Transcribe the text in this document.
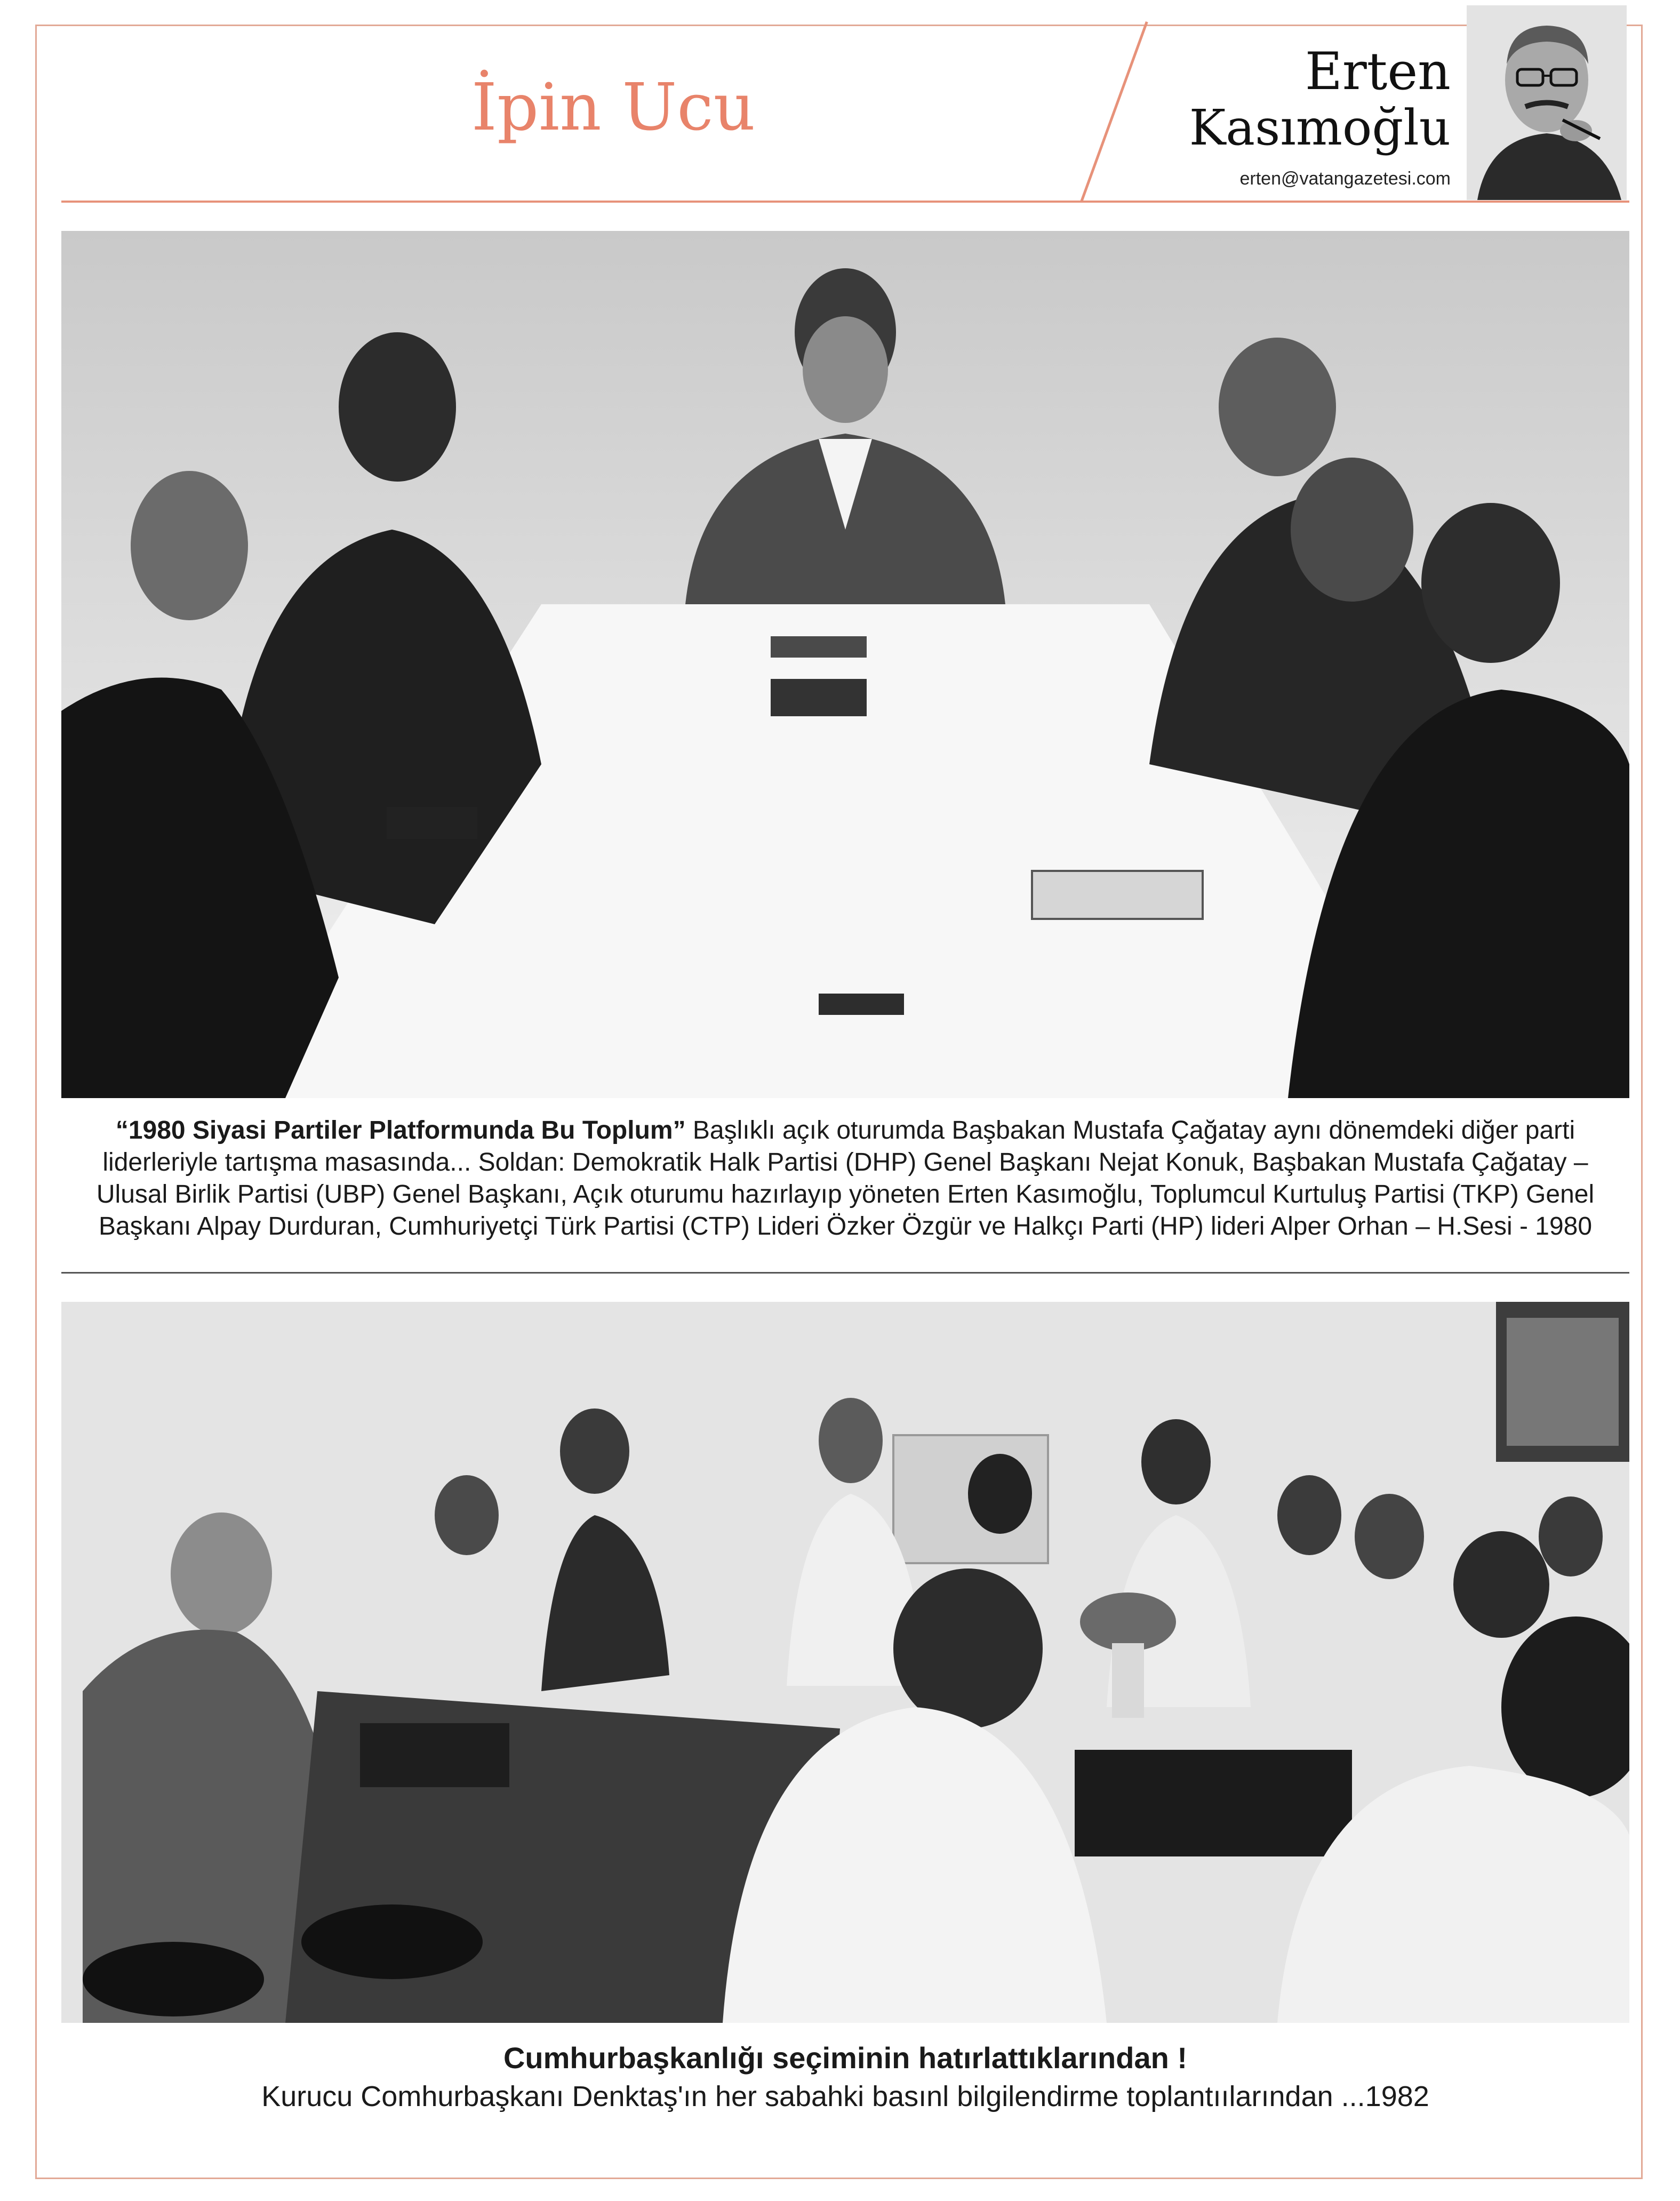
İpin Ucu	Erten
Kasımoğlu
erten@vatangazetesi.com

“1980 Siyasi Partiler Platformunda Bu Toplum” Başlıklı açık oturumda Başbakan Mustafa Çağatay aynı dönemdeki diğer parti liderleriyle tartışma masasında... Soldan: Demokratik Halk Partisi (DHP) Genel Başkanı Nejat Konuk, Başbakan Mustafa Çağatay – Ulusal Birlik Partisi (UBP) Genel Başkanı, Açık oturumu hazırlayıp yöneten Erten Kasımoğlu, Toplumcul Kurtuluş Partisi (TKP) Genel Başkanı Alpay Durduran, Cumhuriyetçi Türk Partisi (CTP) Lideri Özker Özgür ve Halkçı Parti (HP) lideri Alper Orhan – H.Sesi - 1980

Cumhurbaşkanlığı seçiminin hatırlattıklarından !

Kurucu Comhurbaşkanı Denktaş'ın her sabahki basınl bilgilendirme toplantıılarından ...1982
